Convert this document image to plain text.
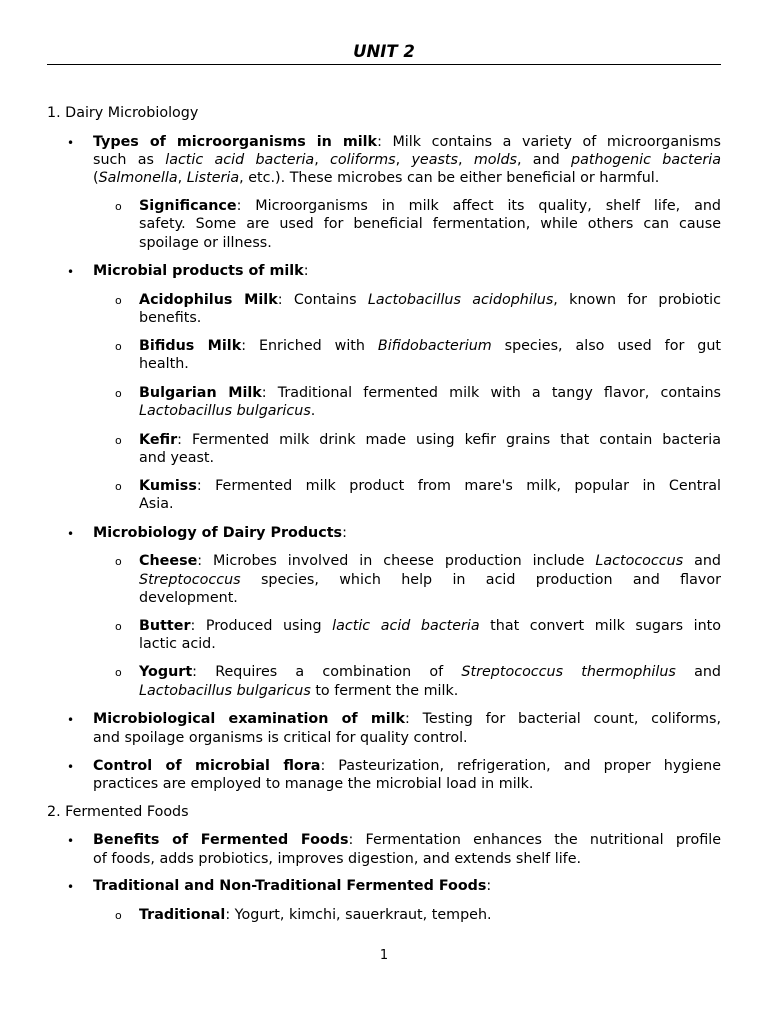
UNIT 2
1. Dairy Microbiology
• Types of microorganisms in milk: Milk contains a variety of microorganisms
such as lactic acid bacteria, coliforms, yeasts, molds, and pathogenic bacteria
(Salmonella, Listeria, etc.). These microbes can be either beneficial or harmful.
o Significance: Microorganisms in milk affect its quality, shelf life, and
safety. Some are used for beneficial fermentation, while others can cause
spoilage or illness.
• Microbial products of milk:
o Acidophilus Milk: Contains Lactobacillus acidophilus, known for probiotic
benefits.
o Bifidus Milk: Enriched with Bifidobacterium species, also used for gut
health.
o Bulgarian Milk: Traditional fermented milk with a tangy flavor, contains
Lactobacillus bulgaricus.
o Kefir: Fermented milk drink made using kefir grains that contain bacteria
and yeast.
o Kumiss: Fermented milk product from mare's milk, popular in Central
Asia.
• Microbiology of Dairy Products:
o Cheese: Microbes involved in cheese production include Lactococcus and
Streptococcus species, which help in acid production and flavor
development.
o Butter: Produced using lactic acid bacteria that convert milk sugars into
lactic acid.
o Yogurt: Requires a combination of Streptococcus thermophilus and
Lactobacillus bulgaricus to ferment the milk.
• Microbiological examination of milk: Testing for bacterial count, coliforms,
and spoilage organisms is critical for quality control.
• Control of microbial flora: Pasteurization, refrigeration, and proper hygiene
practices are employed to manage the microbial load in milk.
2. Fermented Foods
• Benefits of Fermented Foods: Fermentation enhances the nutritional profile
of foods, adds probiotics, improves digestion, and extends shelf life.
• Traditional and Non-Traditional Fermented Foods:
o Traditional: Yogurt, kimchi, sauerkraut, tempeh.
1
